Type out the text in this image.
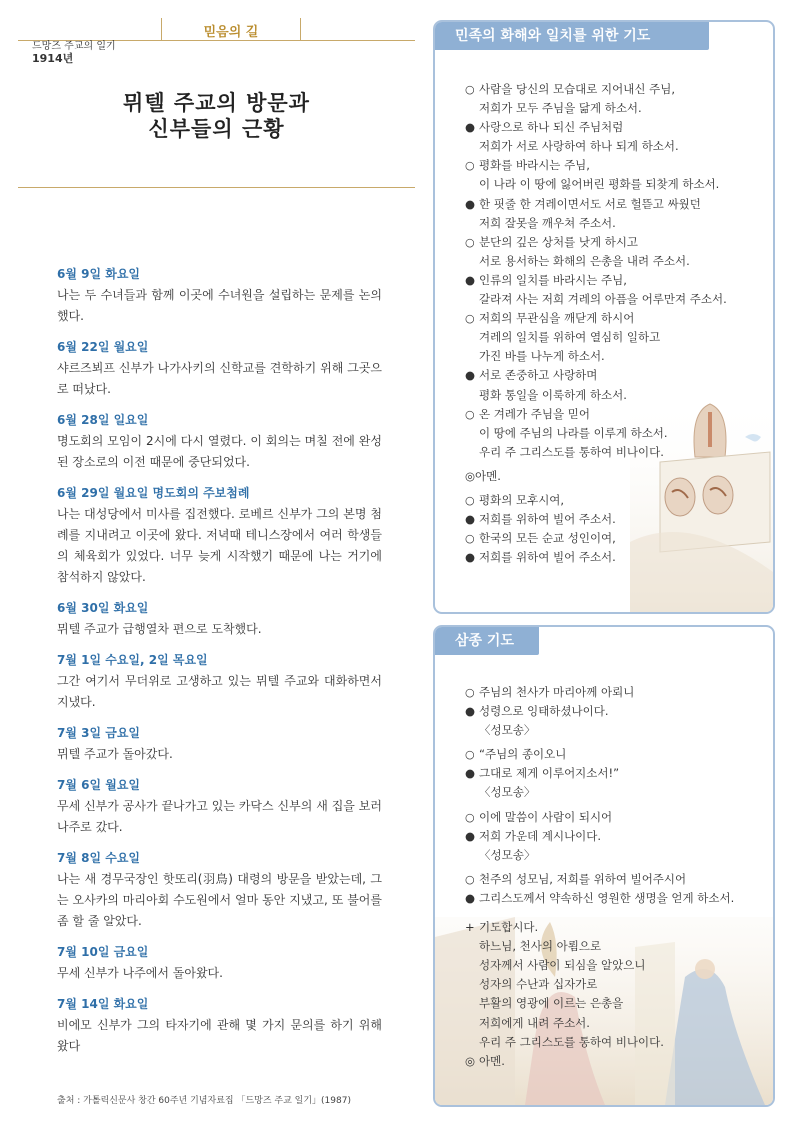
믿음의 길
드망즈 주교의 일기
1914년
뮈텔 주교의 방문과
신부들의 근황
6월 9일 화요일
나는 두 수녀들과 함께 이곳에 수녀원을 설립하는 문제를 논의했다.
6월 22일 월요일
샤르즈뵈프 신부가 나가사키의 신학교를 견학하기 위해 그곳으로 떠났다.
6월 28일 일요일
명도회의 모임이 2시에 다시 열렸다. 이 회의는 며칠 전에 완성된 장소로의 이전 때문에 중단되었다.
6월 29일 월요일 명도회의 주보첨례
나는 대성당에서 미사를 집전했다. 로베르 신부가 그의 본명 첨례를 지내려고 이곳에 왔다. 저녁때 테니스장에서 여러 학생들의 체육회가 있었다. 너무 늦게 시작했기 때문에 나는 거기에 참석하지 않았다.
6월 30일 화요일
뮈텔 주교가 급행열차 편으로 도착했다.
7월 1일 수요일, 2일 목요일
그간 여기서 무더위로 고생하고 있는 뮈텔 주교와 대화하면서 지냈다.
7월 3일 금요일
뮈텔 주교가 돌아갔다.
7월 6일 월요일
무세 신부가 공사가 끝나가고 있는 카닥스 신부의 새 집을 보러 나주로 갔다.
7월 8일 수요일
나는 새 경무국장인 핫또리(羽鳥) 대령의 방문을 받았는데, 그는 오사카의 마리아회 수도원에서 얼마 동안 지냈고, 또 불어를 좀 할 줄 알았다.
7월 10일 금요일
무세 신부가 나주에서 돌아왔다.
7월 14일 화요일
비에모 신부가 그의 타자기에 관해 몇 가지 문의를 하기 위해 왔다
출처 : 가톨릭신문사 창간 60주년 기념자료집 「드망즈 주교 일기」(1987)
민족의 화해와 일치를 위한 기도
○ 사람을 당신의 모습대로 지어내신 주님,
저희가 모두 주님을 닮게 하소서.
● 사랑으로 하나 되신 주님처럼
저희가 서로 사랑하여 하나 되게 하소서.
○ 평화를 바라시는 주님,
이 나라 이 땅에 잃어버린 평화를 되찾게 하소서.
● 한 핏줄 한 겨레이면서도 서로 헐뜯고 싸웠던
저희 잘못을 깨우쳐 주소서.
○ 분단의 깊은 상처를 낫게 하시고
서로 용서하는 화해의 은총을 내려 주소서.
● 인류의 일치를 바라시는 주님,
갈라져 사는 저희 겨레의 아픔을 어루만져 주소서.
○ 저희의 무관심을 깨닫게 하시어
겨레의 일치를 위하여 열심히 일하고
가진 바를 나누게 하소서.
● 서로 존중하고 사랑하며
평화 통일을 이룩하게 하소서.
○ 온 겨레가 주님을 믿어
이 땅에 주님의 나라를 이루게 하소서.
우리 주 그리스도를 통하여 비나이다.
◎아멘.
○ 평화의 모후시여,
● 저희를 위하여 빌어 주소서.
○ 한국의 모든 순교 성인이여,
● 저희를 위하여 빌어 주소서.
삼종 기도
○ 주님의 천사가 마리아께 아뢰니
● 성령으로 잉태하셨나이다.
〈성모송〉
○ “주님의 종이오니
● 그대로 제게 이루어지소서!”
〈성모송〉
○ 이에 말씀이 사람이 되시어
● 저희 가운데 계시나이다.
〈성모송〉
○ 천주의 성모님, 저희를 위하여 빌어주시어
● 그리스도께서 약속하신 영원한 생명을 얻게 하소서.
+ 기도합시다.
하느님, 천사의 아룀으로
성자께서 사람이 되심을 알았으니
성자의 수난과 십자가로
부활의 영광에 이르는 은총을
저희에게 내려 주소서.
우리 주 그리스도를 통하여 비나이다.
◎ 아멘.
